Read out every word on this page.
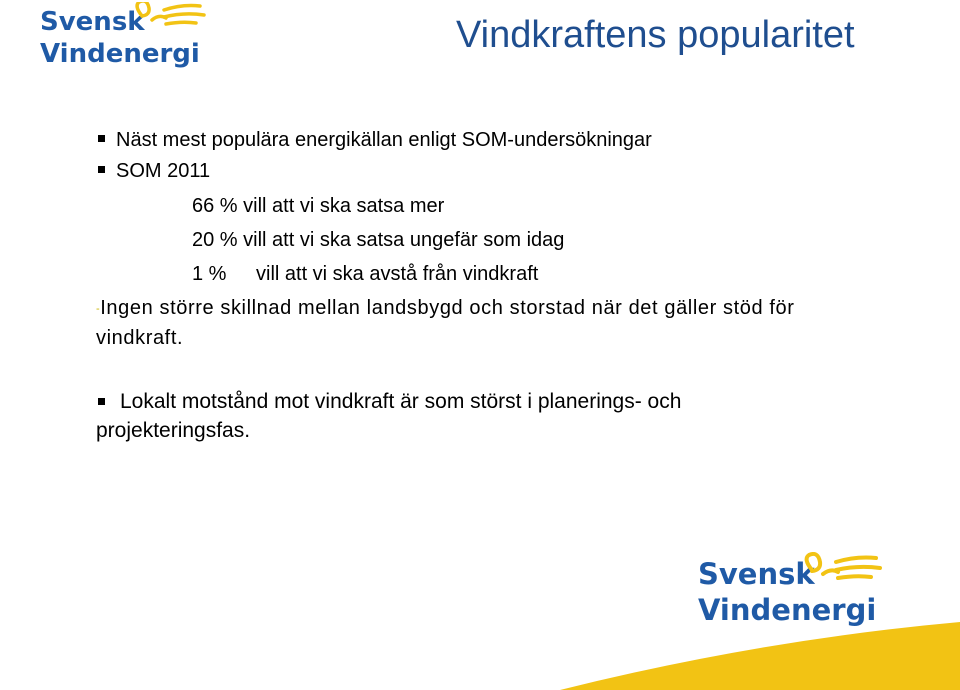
Svensk
Vindenergi	Vindkraftens popularitet

Näst mest populära energikällan enligt SOM-undersökningar

SOM 2011

66 % vill att vi ska satsa mer

20 % vill att vi ska satsa ungefär som idag

1 % vill att vi ska avstå från vindkraft

-Ingen större skillnad mellan landsbygd och storstad när det gäller stöd för

vindkraft.

Lokalt motstånd mot vindkraft är som störst i planerings- och

projekteringsfas.

Svensk
Vindenergi
